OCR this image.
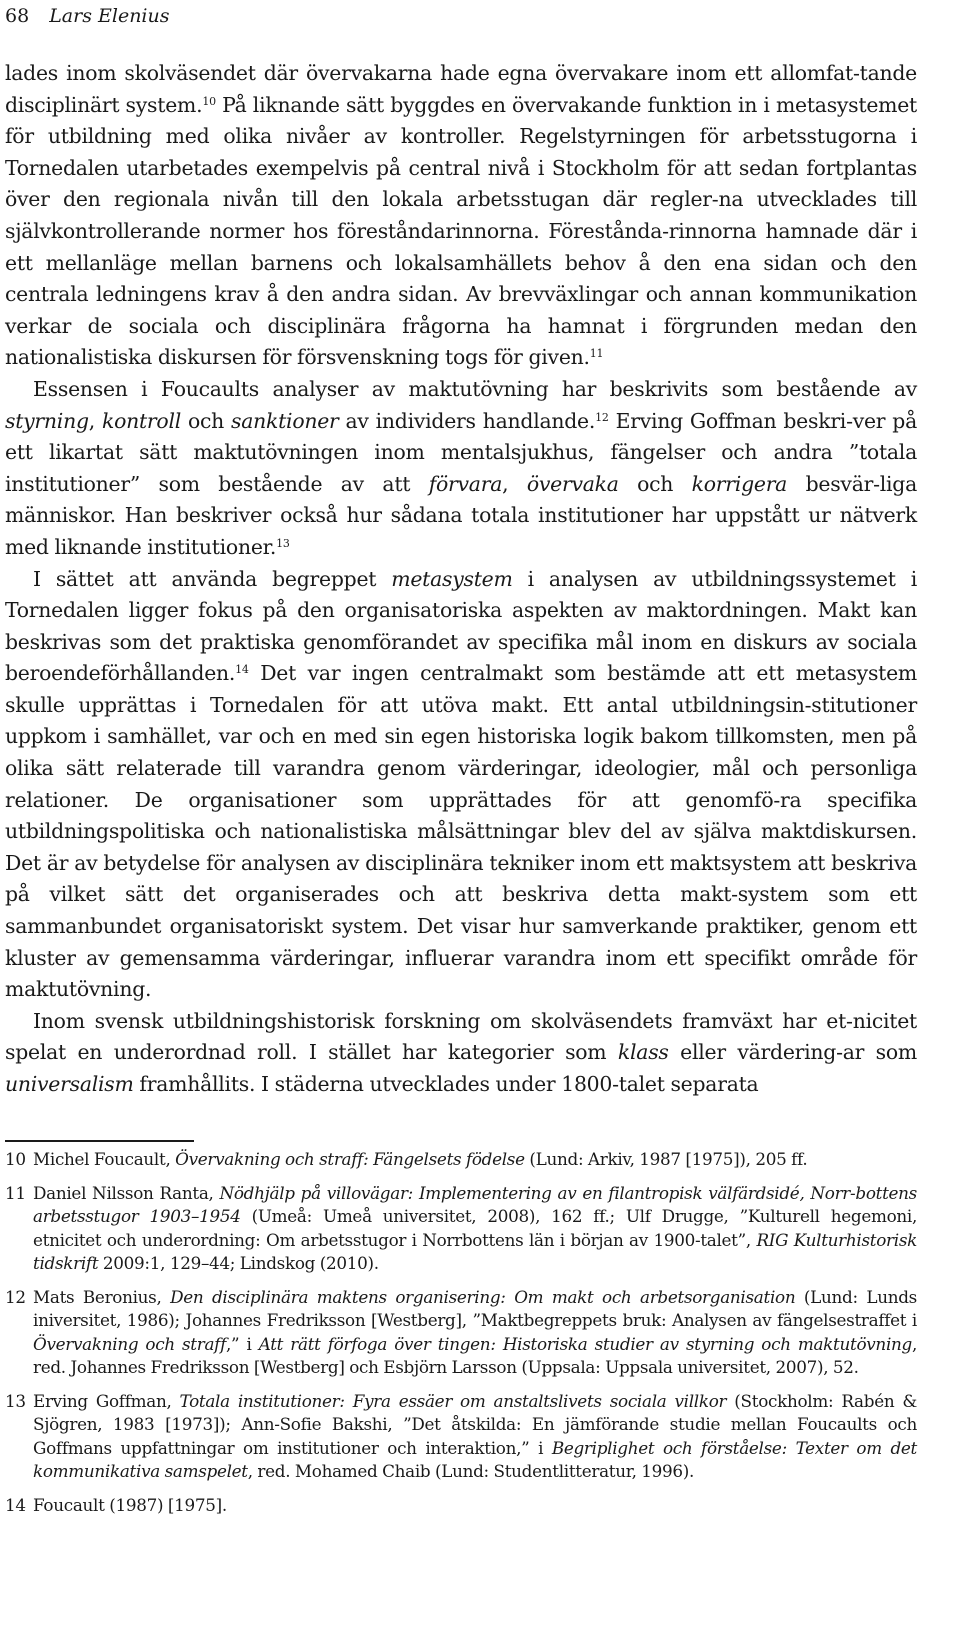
68 Lars Elenius

lades inom skolväsendet där övervakarna hade egna övervakare inom ett allomfat-tande disciplinärt system.$^{10}$ På liknande sätt byggdes en övervakande funktion in i metasystemet för utbildning med olika nivåer av kontroller. Regelstyrningen för arbetsstugorna i Tornedalen utarbetades exempelvis på central nivå i Stockholm för att sedan fortplantas över den regionala nivån till den lokala arbetsstugan där regler-na utvecklades till självkontrollerande normer hos föreståndarinnorna. Förestånda-rinnorna hamnade där i ett mellanläge mellan barnens och lokalsamhällets behov å den ena sidan och den centrala ledningens krav å den andra sidan. Av brevväxlingar och annan kommunikation verkar de sociala och disciplinära frågorna ha hamnat i förgrunden medan den nationalistiska diskursen för försvenskning togs för given.$^{11}$

Essensen i Foucaults analyser av maktutövning har beskrivits som bestående av styrning, kontroll och sanktioner av individers handlande.$^{12}$ Erving Goffman beskri-ver på ett likartat sätt maktutövningen inom mentalsjukhus, fängelser och andra ”totala institutioner” som bestående av att förvara, övervaka och korrigera besvär-liga människor. Han beskriver också hur sådana totala institutioner har uppstått ur nätverk med liknande institutioner.$^{13}$

I sättet att använda begreppet metasystem i analysen av utbildningssystemet i Tornedalen ligger fokus på den organisatoriska aspekten av maktordningen. Makt kan beskrivas som det praktiska genomförandet av specifika mål inom en diskurs av sociala beroendeförhållanden.$^{14}$ Det var ingen centralmakt som bestämde att ett metasystem skulle upprättas i Tornedalen för att utöva makt. Ett antal utbildningsin-stitutioner uppkom i samhället, var och en med sin egen historiska logik bakom tillkomsten, men på olika sätt relaterade till varandra genom värderingar, ideologier, mål och personliga relationer. De organisationer som upprättades för att genomfö-ra specifika utbildningspolitiska och nationalistiska målsättningar blev del av själva maktdiskursen. Det är av betydelse för analysen av disciplinära tekniker inom ett maktsystem att beskriva på vilket sätt det organiserades och att beskriva detta makt-system som ett sammanbundet organisatoriskt system. Det visar hur samverkande praktiker, genom ett kluster av gemensamma värderingar, influerar varandra inom ett specifikt område för maktutövning.

Inom svensk utbildningshistorisk forskning om skolväsendets framväxt har et-nicitet spelat en underordnad roll. I stället har kategorier som klass eller värdering-ar som universalism framhållits. I städerna utvecklades under 1800-talet separata

10 Michel Foucault, Övervakning och straff: Fängelsets födelse (Lund: Arkiv, 1987 [1975]), 205 ff.
11 Daniel Nilsson Ranta, Nödhjälp på villovägar: Implementering av en filantropisk välfärdsidé, Norr-bottens arbetsstugor 1903–1954 (Umeå: Umeå universitet, 2008), 162 ff.; Ulf Drugge, ”Kulturell hegemoni, etnicitet och underordning: Om arbetsstugor i Norrbottens län i början av 1900-talet”, RIG Kulturhistorisk tidskrift 2009:1, 129–44; Lindskog (2010).
12 Mats Beronius, Den disciplinära maktens organisering: Om makt och arbetsorganisation (Lund: Lunds iniversitet, 1986); Johannes Fredriksson [Westberg], ”Maktbegreppets bruk: Analysen av fängelsestraffet i Övervakning och straff,” i Att rätt förfoga över tingen: Historiska studier av styrning och maktutövning, red. Johannes Fredriksson [Westberg] och Esbjörn Larsson (Uppsala: Uppsala universitet, 2007), 52.
13 Erving Goffman, Totala institutioner: Fyra essäer om anstaltslivets sociala villkor (Stockholm: Rabén & Sjögren, 1983 [1973]); Ann-Sofie Bakshi, ”Det åtskilda: En jämförande studie mellan Foucaults och Goffmans uppfattningar om institutioner och interaktion,” i Begriplighet och förståelse: Texter om det kommunikativa samspelet, red. Mohamed Chaib (Lund: Studentlitteratur, 1996).
14 Foucault (1987) [1975].
